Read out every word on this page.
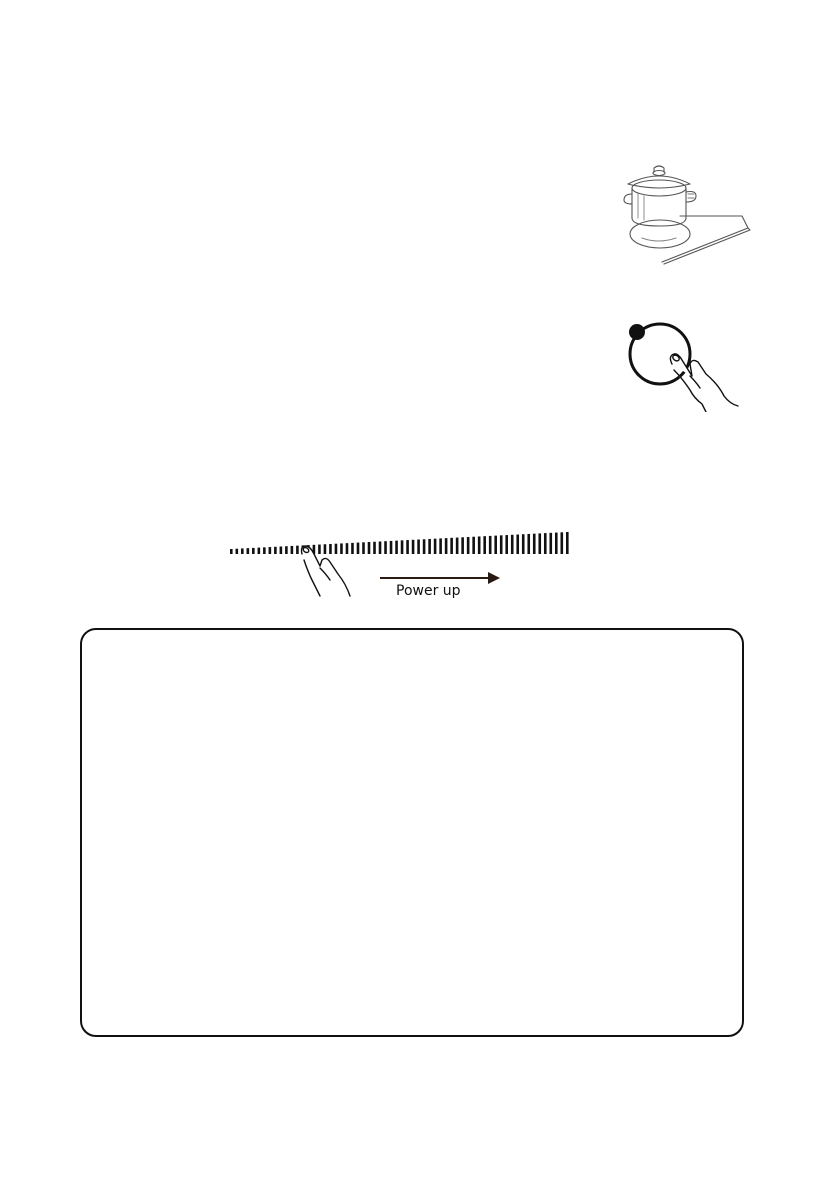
Power up
